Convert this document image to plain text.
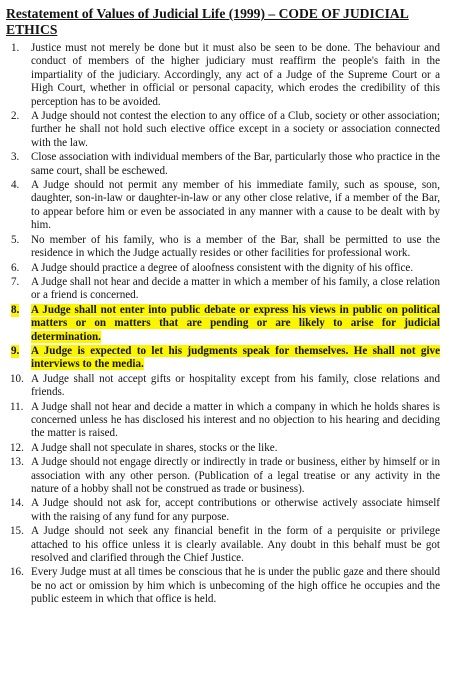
Restatement of Values of Judicial Life (1999) – CODE OF JUDICIAL ETHICS
1. Justice must not merely be done but it must also be seen to be done. The behaviour and conduct of members of the higher judiciary must reaffirm the people's faith in the impartiality of the judiciary. Accordingly, any act of a Judge of the Supreme Court or a High Court, whether in official or personal capacity, which erodes the credibility of this perception has to be avoided.
2. A Judge should not contest the election to any office of a Club, society or other association; further he shall not hold such elective office except in a society or association connected with the law.
3. Close association with individual members of the Bar, particularly those who practice in the same court, shall be eschewed.
4. A Judge should not permit any member of his immediate family, such as spouse, son, daughter, son-in-law or daughter-in-law or any other close relative, if a member of the Bar, to appear before him or even be associated in any manner with a cause to be dealt with by him.
5. No member of his family, who is a member of the Bar, shall be permitted to use the residence in which the Judge actually resides or other facilities for professional work.
6. A Judge should practice a degree of aloofness consistent with the dignity of his office.
7. A Judge shall not hear and decide a matter in which a member of his family, a close relation or a friend is concerned.
8. A Judge shall not enter into public debate or express his views in public on political matters or on matters that are pending or are likely to arise for judicial determination.
9. A Judge is expected to let his judgments speak for themselves. He shall not give interviews to the media.
10. A Judge shall not accept gifts or hospitality except from his family, close relations and friends.
11. A Judge shall not hear and decide a matter in which a company in which he holds shares is concerned unless he has disclosed his interest and no objection to his hearing and deciding the matter is raised.
12. A Judge shall not speculate in shares, stocks or the like.
13. A Judge should not engage directly or indirectly in trade or business, either by himself or in association with any other person. (Publication of a legal treatise or any activity in the nature of a hobby shall not be construed as trade or business).
14. A Judge should not ask for, accept contributions or otherwise actively associate himself with the raising of any fund for any purpose.
15. A Judge should not seek any financial benefit in the form of a perquisite or privilege attached to his office unless it is clearly available. Any doubt in this behalf must be got resolved and clarified through the Chief Justice.
16. Every Judge must at all times be conscious that he is under the public gaze and there should be no act or omission by him which is unbecoming of the high office he occupies and the public esteem in which that office is held.
